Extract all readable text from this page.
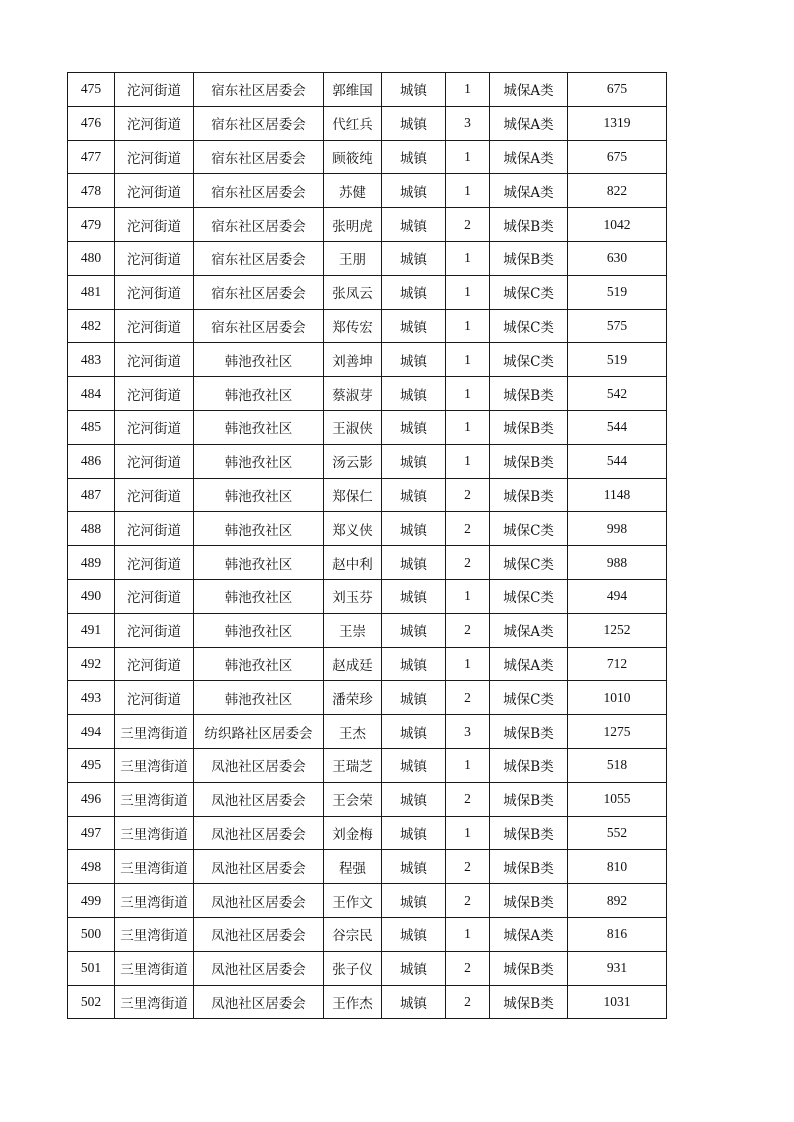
475	沱河街道	宿东社区居委会	郭维国	城镇	1	城保A类	675
476	沱河街道	宿东社区居委会	代红兵	城镇	3	城保A类	1319
477	沱河街道	宿东社区居委会	顾筱纯	城镇	1	城保A类	675
478	沱河街道	宿东社区居委会	苏健	城镇	1	城保A类	822
479	沱河街道	宿东社区居委会	张明虎	城镇	2	城保B类	1042
480	沱河街道	宿东社区居委会	王朋	城镇	1	城保B类	630
481	沱河街道	宿东社区居委会	张凤云	城镇	1	城保C类	519
482	沱河街道	宿东社区居委会	郑传宏	城镇	1	城保C类	575
483	沱河街道	韩池孜社区	刘善坤	城镇	1	城保C类	519
484	沱河街道	韩池孜社区	蔡淑芽	城镇	1	城保B类	542
485	沱河街道	韩池孜社区	王淑侠	城镇	1	城保B类	544
486	沱河街道	韩池孜社区	汤云影	城镇	1	城保B类	544
487	沱河街道	韩池孜社区	郑保仁	城镇	2	城保B类	1148
488	沱河街道	韩池孜社区	郑义侠	城镇	2	城保C类	998
489	沱河街道	韩池孜社区	赵中利	城镇	2	城保C类	988
490	沱河街道	韩池孜社区	刘玉芬	城镇	1	城保C类	494
491	沱河街道	韩池孜社区	王崇	城镇	2	城保A类	1252
492	沱河街道	韩池孜社区	赵成廷	城镇	1	城保A类	712
493	沱河街道	韩池孜社区	潘荣珍	城镇	2	城保C类	1010
494	三里湾街道	纺织路社区居委会	王杰	城镇	3	城保B类	1275
495	三里湾街道	凤池社区居委会	王瑞芝	城镇	1	城保B类	518
496	三里湾街道	凤池社区居委会	王会荣	城镇	2	城保B类	1055
497	三里湾街道	凤池社区居委会	刘金梅	城镇	1	城保B类	552
498	三里湾街道	凤池社区居委会	程强	城镇	2	城保B类	810
499	三里湾街道	凤池社区居委会	王作文	城镇	2	城保B类	892
500	三里湾街道	凤池社区居委会	谷宗民	城镇	1	城保A类	816
501	三里湾街道	凤池社区居委会	张子仪	城镇	2	城保B类	931
502	三里湾街道	凤池社区居委会	王作杰	城镇	2	城保B类	1031
